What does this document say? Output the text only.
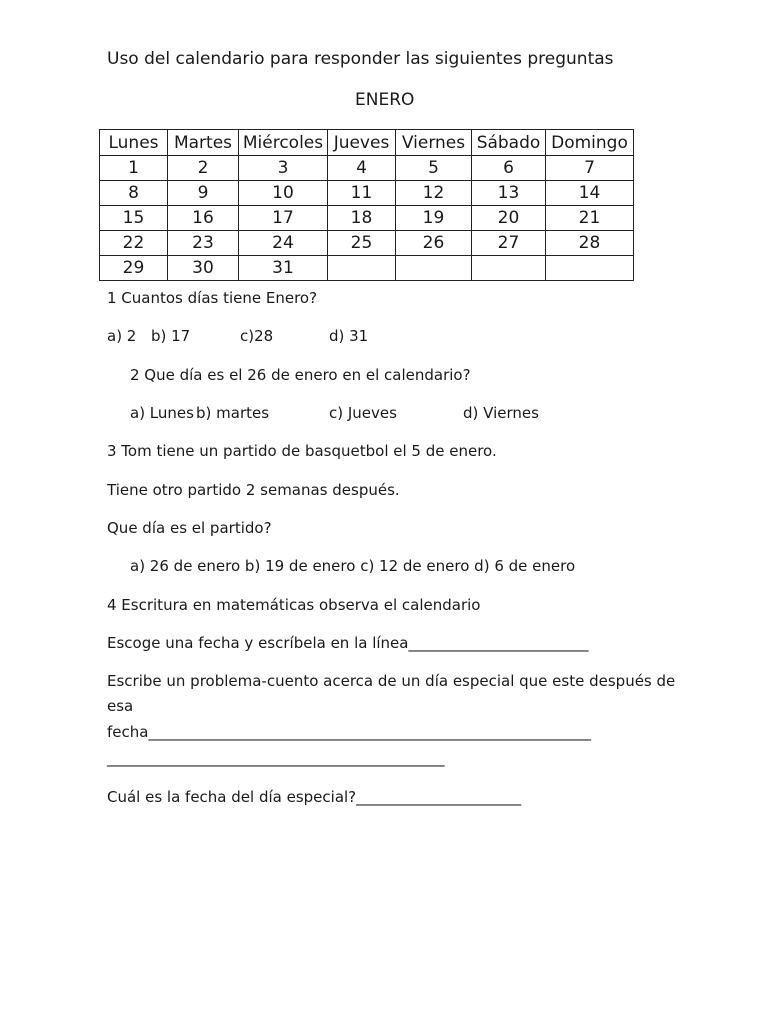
Uso del calendario para responder las siguientes preguntas
ENERO
Lunes	Martes	Miércoles	Jueves	Viernes	Sábado	Domingo
1	2	3	4	5	6	7
8	9	10	11	12	13	14
15	16	17	18	19	20	21
22	23	24	25	26	27	28
29	30	31				
1 Cuantos días tiene Enero?
a) 2 b) 17	c)28	d) 31
2 Que día es el 26 de enero en el calendario?
a) Lunes b) martes	c) Jueves	d) Viernes
3 Tom tiene un partido de basquetbol el 5 de enero.
Tiene otro partido 2 semanas después.
Que día es el partido?
a) 26 de enero b) 19 de enero c) 12 de enero d) 6 de enero
4 Escritura en matemáticas observa el calendario
Escoge una fecha y escríbela en la línea________________________
Escribe un problema-cuento acerca de un día especial que este después de
esa
fecha___________________________________________________________
_____________________________________________
Cuál es la fecha del día especial?______________________
